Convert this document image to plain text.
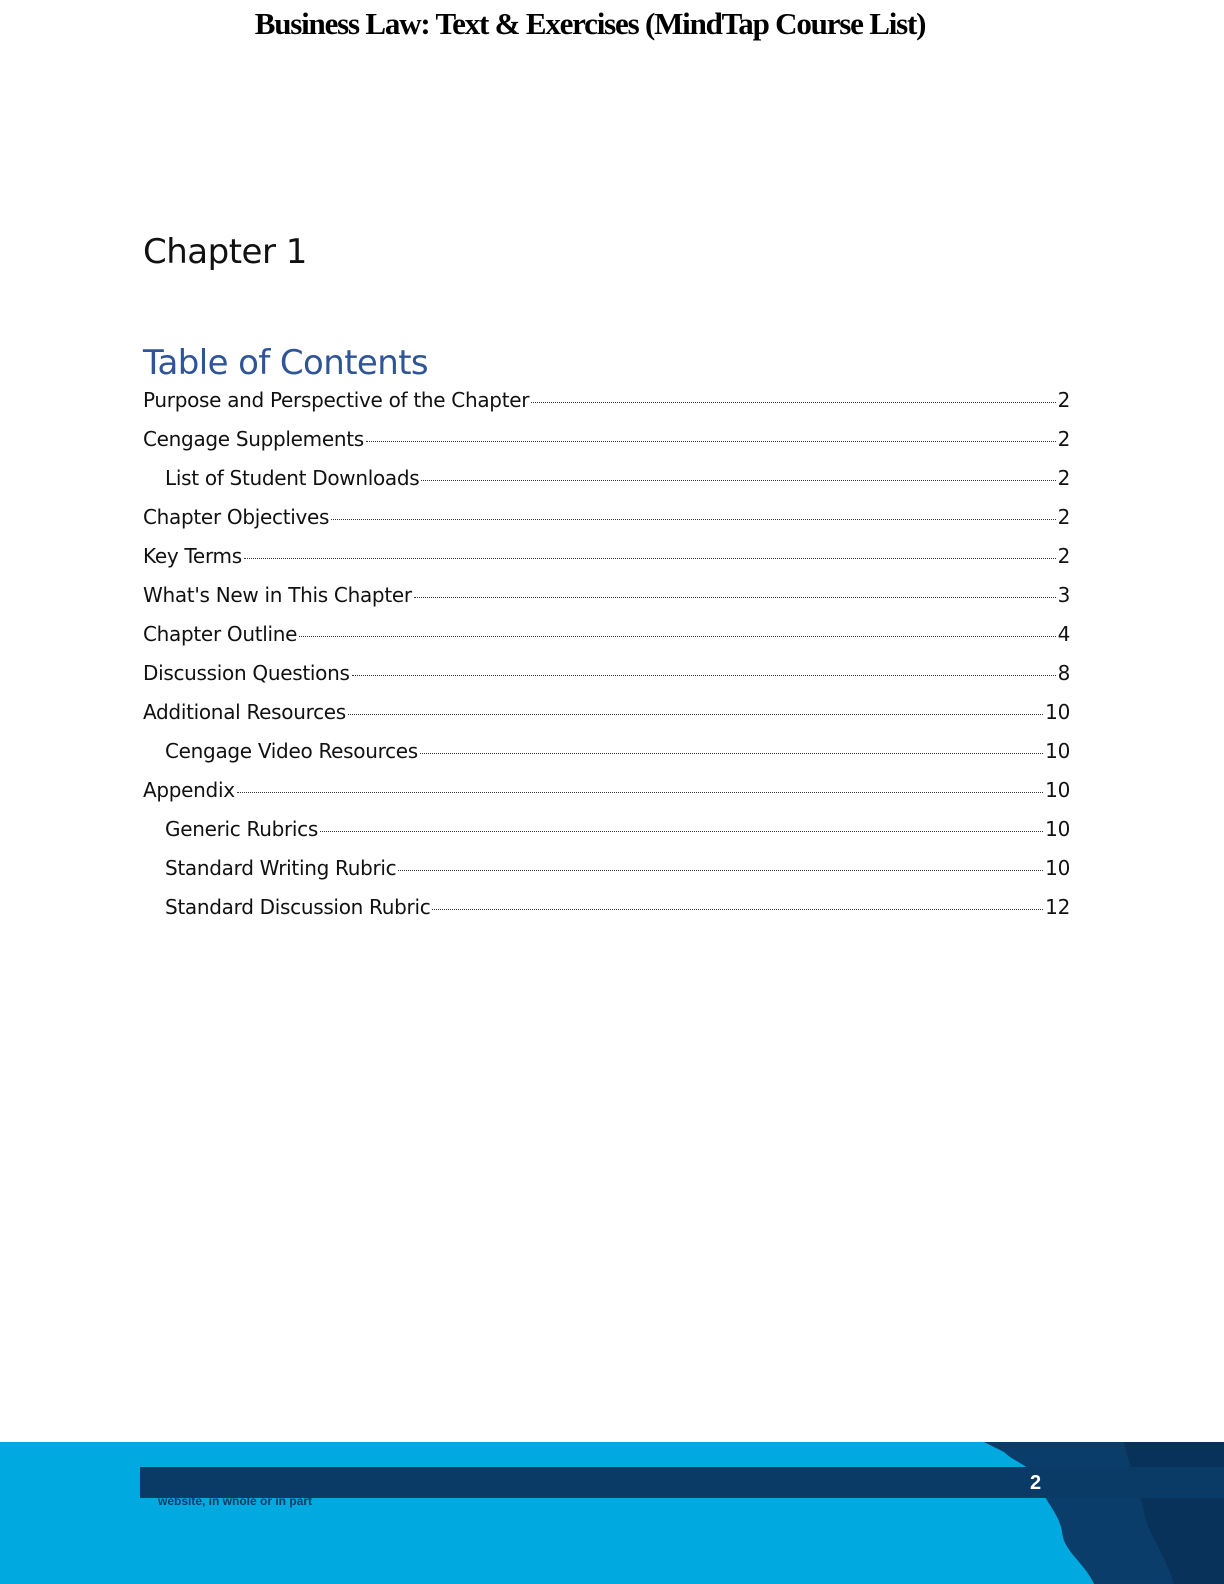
Business Law: Text & Exercises (MindTap Course List)
Chapter 1
Table of Contents
Purpose and Perspective of the Chapter	2
Cengage Supplements	2
List of Student Downloads	2
Chapter Objectives	2
Key Terms	2
What's New in This Chapter	3
Chapter Outline	4
Discussion Questions	8
Additional Resources	10
Cengage Video Resources	10
Appendix	10
Generic Rubrics	10
Standard Writing Rubric	10
Standard Discussion Rubric	12
2
website, in whole or in part
